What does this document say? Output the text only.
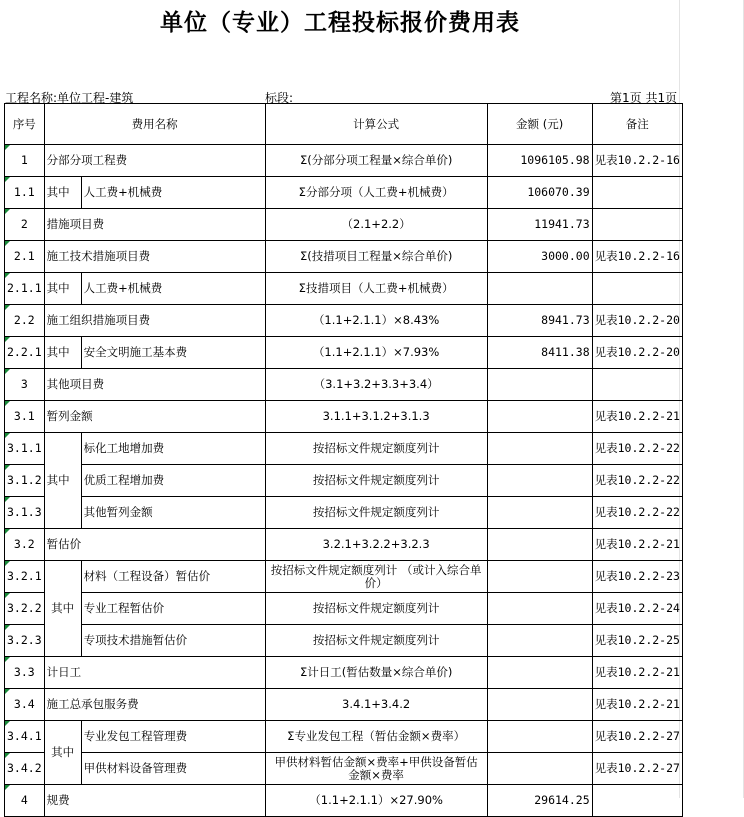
单位（专业）工程投标报价费用表
工程名称:单位工程-建筑	标段:	第1页 共1页
序号	费用名称		计算公式	金额 (元)	备注
1	分部分项工程费		Σ(分部分项工程量×综合单价)	1096105.98	见表10.2.2-16
1.1	其中	人工费+机械费	Σ分部分项（人工费+机械费）	106070.39	
2	措施项目费		（2.1+2.2）	11941.73	
2.1	施工技术措施项目费		Σ(技措项目工程量×综合单价)	3000.00	见表10.2.2-16
2.1.1	其中	人工费+机械费	Σ技措项目（人工费+机械费）		
2.2	施工组织措施项目费		（1.1+2.1.1）×8.43%	8941.73	见表10.2.2-20
2.2.1	其中	安全文明施工基本费	（1.1+2.1.1）×7.93%	8411.38	见表10.2.2-20
3	其他项目费		（3.1+3.2+3.3+3.4）		
3.1	暂列金额		3.1.1+3.1.2+3.1.3		见表10.2.2-21
3.1.1	其中	标化工地增加费	按招标文件规定额度列计		见表10.2.2-22
3.1.2		优质工程增加费	按招标文件规定额度列计		见表10.2.2-22
3.1.3		其他暂列金额	按招标文件规定额度列计		见表10.2.2-22
3.2	暂估价		3.2.1+3.2.2+3.2.3		见表10.2.2-21
3.2.1	其中	材料（工程设备）暂估价	按招标文件规定额度列计 （或计入综合单价）		见表10.2.2-23
3.2.2		专业工程暂估价	按招标文件规定额度列计		见表10.2.2-24
3.2.3		专项技术措施暂估价	按招标文件规定额度列计		见表10.2.2-25
3.3	计日工		Σ计日工(暂估数量×综合单价)		见表10.2.2-21
3.4	施工总承包服务费		3.4.1+3.4.2		见表10.2.2-21
3.4.1	其中	专业发包工程管理费	Σ专业发包工程（暂估金额×费率）		见表10.2.2-27
3.4.2		甲供材料设备管理费	甲供材料暂估金额×费率+甲供设备暂估 金额×费率		见表10.2.2-27
4	规费		（1.1+2.1.1）×27.90%	29614.25	
